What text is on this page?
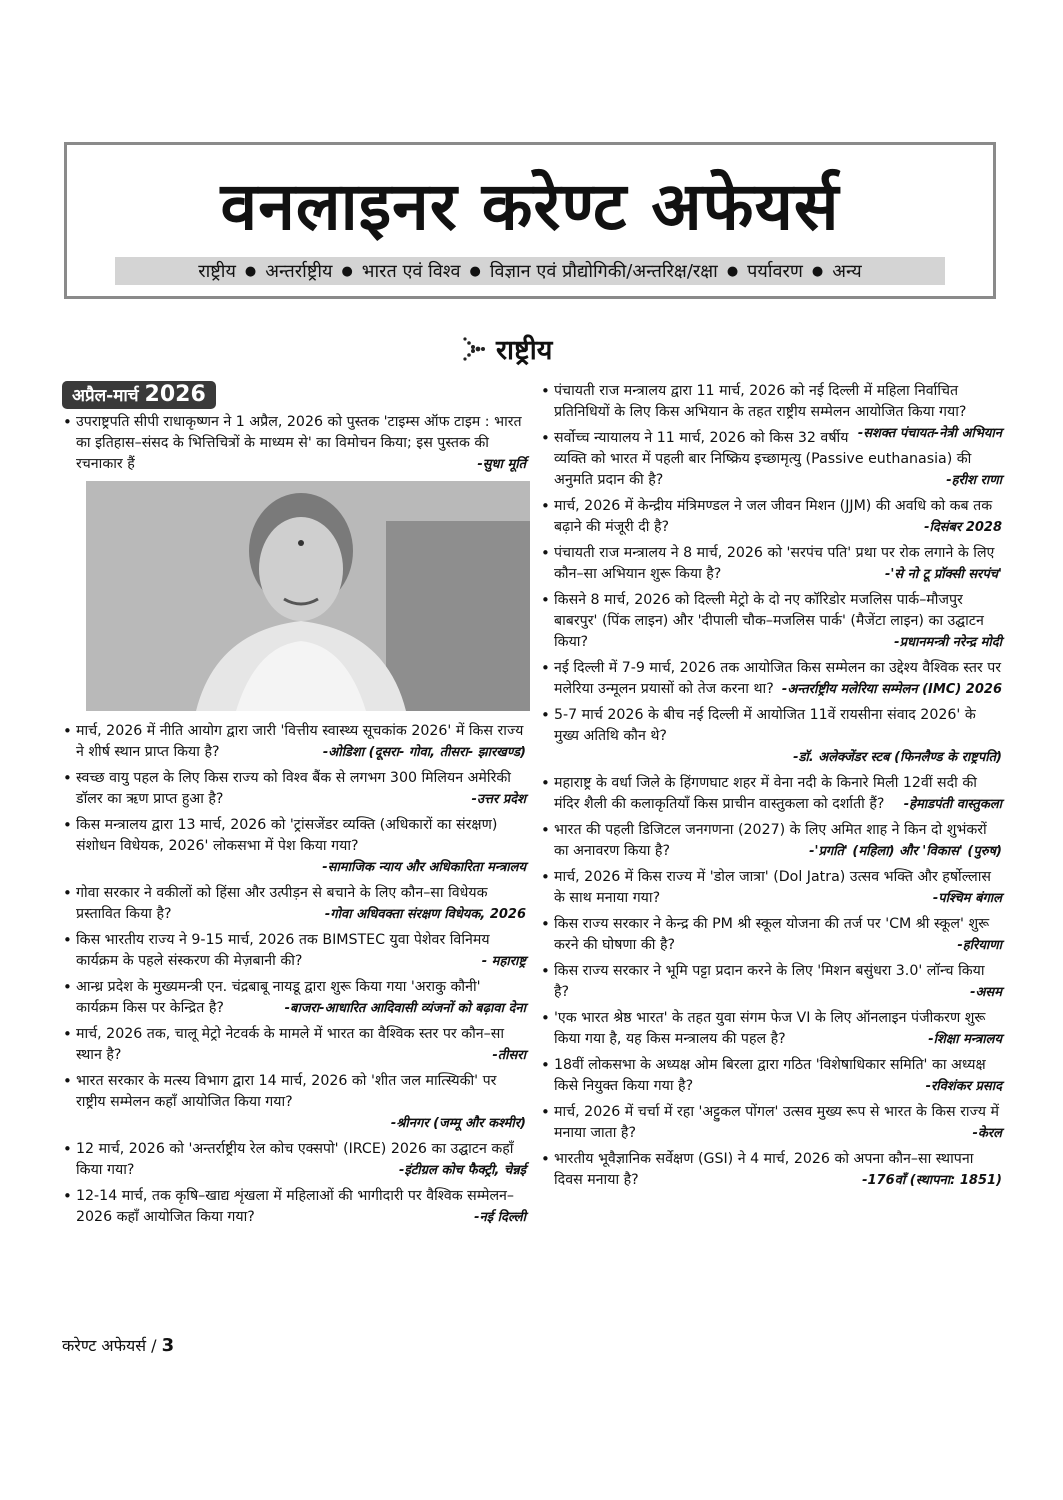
वनलाइनर करेण्ट अफेयर्स
राष्ट्रीय ● अन्तर्राष्ट्रीय ● भारत एवं विश्व ● विज्ञान एवं प्रौद्योगिकी/अन्तरिक्ष/रक्षा ● पर्यावरण ● अन्य
राष्ट्रीय
अप्रैल-मार्च 2026
• उपराष्ट्रपति सीपी राधाकृष्णन ने 1 अप्रैल, 2026 को पुस्तक 'टाइम्स ऑफ टाइम : भारत का इतिहास–संसद के भित्तिचित्रों के माध्यम से' का विमोचन किया; इस पुस्तक की रचनाकार हैं	-सुधा मूर्ति
• मार्च, 2026 में नीति आयोग द्वारा जारी 'वित्तीय स्वास्थ्य सूचकांक 2026' में किस राज्य ने शीर्ष स्थान प्राप्त किया है?	-ओडिशा (दूसरा- गोवा, तीसरा- झारखण्ड)
• स्वच्छ वायु पहल के लिए किस राज्य को विश्व बैंक से लगभग 300 मिलियन अमेरिकी डॉलर का ऋण प्राप्त हुआ है?	-उत्तर प्रदेश
• किस मन्त्रालय द्वारा 13 मार्च, 2026 को 'ट्रांसजेंडर व्यक्ति (अधिकारों का संरक्षण) संशोधन विधेयक, 2026' लोकसभा में पेश किया गया?
-सामाजिक न्याय और अधिकारिता मन्त्रालय
• गोवा सरकार ने वकीलों को हिंसा और उत्पीड़न से बचाने के लिए कौन–सा विधेयक प्रस्तावित किया है?	-गोवा अधिवक्ता संरक्षण विधेयक, 2026
• किस भारतीय राज्य ने 9-15 मार्च, 2026 तक BIMSTEC युवा पेशेवर विनिमय कार्यक्रम के पहले संस्करण की मेज़बानी की?	- महाराष्ट्र
• आन्ध्र प्रदेश के मुख्यमन्त्री एन. चंद्रबाबू नायडू द्वारा शुरू किया गया 'अराकु कौनी' कार्यक्रम किस पर केन्द्रित है?	-बाजरा-आधारित आदिवासी व्यंजनों को बढ़ावा देना
• मार्च, 2026 तक, चालू मेट्रो नेटवर्क के मामले में भारत का वैश्विक स्तर पर कौन–सा स्थान है?	-तीसरा
• भारत सरकार के मत्स्य विभाग द्वारा 14 मार्च, 2026 को 'शीत जल मात्स्यिकी' पर राष्ट्रीय सम्मेलन कहाँ आयोजित किया गया?
-श्रीनगर (जम्मू और कश्मीर)
• 12 मार्च, 2026 को 'अन्तर्राष्ट्रीय रेल कोच एक्सपो' (IRCE) 2026 का उद्घाटन कहाँ किया गया?	-इंटीग्रल कोच फैक्ट्री, चेन्नई
• 12-14 मार्च, तक कृषि–खाद्य शृंखला में महिलाओं की भागीदारी पर वैश्विक सम्मेलन–2026 कहाँ आयोजित किया गया?	-नई दिल्ली
• पंचायती राज मन्त्रालय द्वारा 11 मार्च, 2026 को नई दिल्ली में महिला निर्वाचित प्रतिनिधियों के लिए किस अभियान के तहत राष्ट्रीय सम्मेलन आयोजित किया गया?
-सशक्त पंचायत-नेत्री अभियान
• सर्वोच्च न्यायालय ने 11 मार्च, 2026 को किस 32 वर्षीय व्यक्ति को भारत में पहली बार निष्क्रिय इच्छामृत्यु (Passive euthanasia) की अनुमति प्रदान की है?	-हरीश राणा
• मार्च, 2026 में केन्द्रीय मंत्रिमण्डल ने जल जीवन मिशन (JJM) की अवधि को कब तक बढ़ाने की मंजूरी दी है?	-दिसंबर 2028
• पंचायती राज मन्त्रालय ने 8 मार्च, 2026 को 'सरपंच पति' प्रथा पर रोक लगाने के लिए कौन–सा अभियान शुरू किया है?	-'से नो टू प्रॉक्सी सरपंच'
• किसने 8 मार्च, 2026 को दिल्ली मेट्रो के दो नए कॉरिडोर मजलिस पार्क–मौजपुर बाबरपुर' (पिंक लाइन) और 'दीपाली चौक–मजलिस पार्क' (मैजेंटा लाइन) का उद्घाटन किया?	-प्रधानमन्त्री नरेन्द्र मोदी
• नई दिल्ली में 7-9 मार्च, 2026 तक आयोजित किस सम्मेलन का उद्देश्य वैश्विक स्तर पर मलेरिया उन्मूलन प्रयासों को तेज करना था? -अन्तर्राष्ट्रीय मलेरिया सम्मेलन (IMC) 2026
• 5-7 मार्च 2026 के बीच नई दिल्ली में आयोजित 11वें रायसीना संवाद 2026' के मुख्य अतिथि कौन थे?
-डॉ. अलेक्जेंडर स्टब (फिनलैण्ड के राष्ट्रपति)
• महाराष्ट्र के वर्धा जिले के हिंगणघाट शहर में वेना नदी के किनारे मिली 12वीं सदी की मंदिर शैली की कलाकृतियाँ किस प्राचीन वास्तुकला को दर्शाती हैं? -हेमाडपंती वास्तुकला
• भारत की पहली डिजिटल जनगणना (2027) के लिए अमित शाह ने किन दो शुभंकरों का अनावरण किया है?	-'प्रगति' (महिला) और 'विकास' (पुरुष)
• मार्च, 2026 में किस राज्य में 'डोल जात्रा' (Dol Jatra) उत्सव भक्ति और हर्षोल्लास के साथ मनाया गया?	-पश्चिम बंगाल
• किस राज्य सरकार ने केन्द्र की PM श्री स्कूल योजना की तर्ज पर 'CM श्री स्कूल' शुरू करने की घोषणा की है?	-हरियाणा
• किस राज्य सरकार ने भूमि पट्टा प्रदान करने के लिए 'मिशन बसुंधरा 3.0' लॉन्च किया है?	-असम
• 'एक भारत श्रेष्ठ भारत' के तहत युवा संगम फेज VI के लिए ऑनलाइन पंजीकरण शुरू किया गया है, यह किस मन्त्रालय की पहल है?	-शिक्षा मन्त्रालय
• 18वीं लोकसभा के अध्यक्ष ओम बिरला द्वारा गठित 'विशेषाधिकार समिति' का अध्यक्ष किसे नियुक्त किया गया है?	-रविशंकर प्रसाद
• मार्च, 2026 में चर्चा में रहा 'अट्टुकल पोंगल' उत्सव मुख्य रूप से भारत के किस राज्य में मनाया जाता है?	-केरल
• भारतीय भूवैज्ञानिक सर्वेक्षण (GSI) ने 4 मार्च, 2026 को अपना कौन–सा स्थापना दिवस मनाया है?	-176वाँ (स्थापना: 1851)
करेण्ट अफेयर्स / 3
